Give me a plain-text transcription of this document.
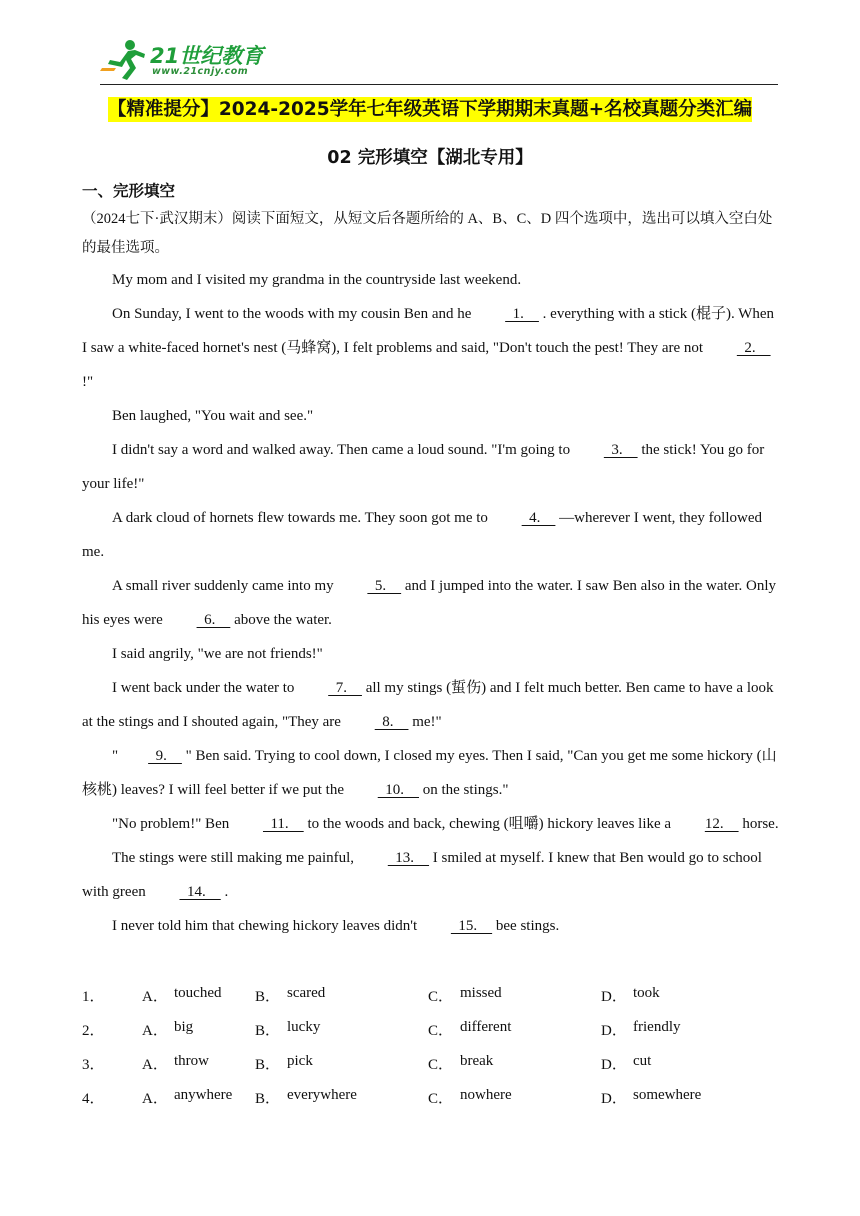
21世纪教育
www.21cnjy.com
【精准提分】2024-2025学年七年级英语下学期期末真题+名校真题分类汇编
02 完形填空【湖北专用】
一、完形填空

（2024七下·武汉期末）阅读下面短文，从短文后各题所给的 A、B、C、D 四个选项中，选出可以填入空白处的最佳选项。

My mom and I visited my grandma in the countryside last weekend.

On Sunday, I went to the woods with my cousin Ben and he   1.     . everything with a stick (棍子). When I saw a white-faced hornet's nest (马蜂窝), I felt problems and said, "Don't touch the pest! They are not   2.     !"

Ben laughed, "You wait and see."

I didn't say a word and walked away. Then came a loud sound. "I'm going to   3.     the stick! You go for your life!"

A dark cloud of hornets flew towards me. They soon got me to   4.     —wherever I went, they followed me.

A small river suddenly came into my   5.     and I jumped into the water. I saw Ben also in the water. Only his eyes were   6.     above the water.

I said angrily, "we are not friends!"

I went back under the water to   7.     all my stings (蜇伤) and I felt much better. Ben came to have a look at the stings and I shouted again, "They are   8.     me!"

"  9.     " Ben said. Trying to cool down, I closed my eyes. Then I said, "Can you get me some hickory (山核桃) leaves? I will feel better if we put the   10.     on the stings."

"No problem!" Ben   11.     to the woods and back, chewing (咀嚼) hickory leaves like a 12.     horse.

The stings were still making me painful,   13.     I smiled at myself. I knew that Ben would go to school with green   14.     .

I never told him that chewing hickory leaves didn't   15.     bee stings.

1．	A． touched B． scared	C． missed	D． took
2．	A． big	B． lucky	C． different	D． friendly
3．	A． throw	B． pick	C． break	D． cut
4．	A． anywhere B． everywhere	C． nowhere	D． somewhere
